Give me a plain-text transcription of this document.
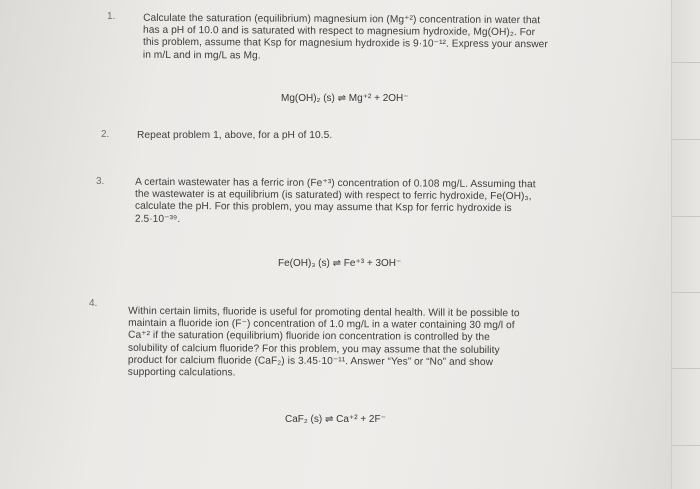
1.	Calculate the saturation (equilibrium) magnesium ion (Mg⁺²) concentration in water that

has a pH of 10.0 and is saturated with respect to magnesium hydroxide, Mg(OH)₂. For

this problem, assume that Ksp for magnesium hydroxide is 9·10⁻¹². Express your answer

in m/L and in mg/L as Mg.

Mg(OH)₂ (s) ⇌ Mg⁺² + 2OH⁻
2.	Repeat problem 1, above, for a pH of 10.5.

3.	A certain wastewater has a ferric iron (Fe⁺³) concentration of 0.108 mg/L. Assuming that

the wastewater is at equilibrium (is saturated) with respect to ferric hydroxide, Fe(OH)₃,

calculate the pH. For this problem, you may assume that Ksp for ferric hydroxide is

2.5·10⁻³⁹.

Fe(OH)₃ (s) ⇌ Fe⁺³ + 3OH⁻
4.

Within certain limits, fluoride is useful for promoting dental health. Will it be possible to

maintain a fluoride ion (F⁻) concentration of 1.0 mg/L in a water containing 30 mg/l of

Ca⁺² if the saturation (equilibrium) fluoride ion concentration is controlled by the

solubility of calcium fluoride? For this problem, you may assume that the solubility

product for calcium fluoride (CaF₂) is 3.45·10⁻¹¹. Answer “Yes” or “No” and show

supporting calculations.

CaF₂ (s) ⇌ Ca⁺² + 2F⁻
